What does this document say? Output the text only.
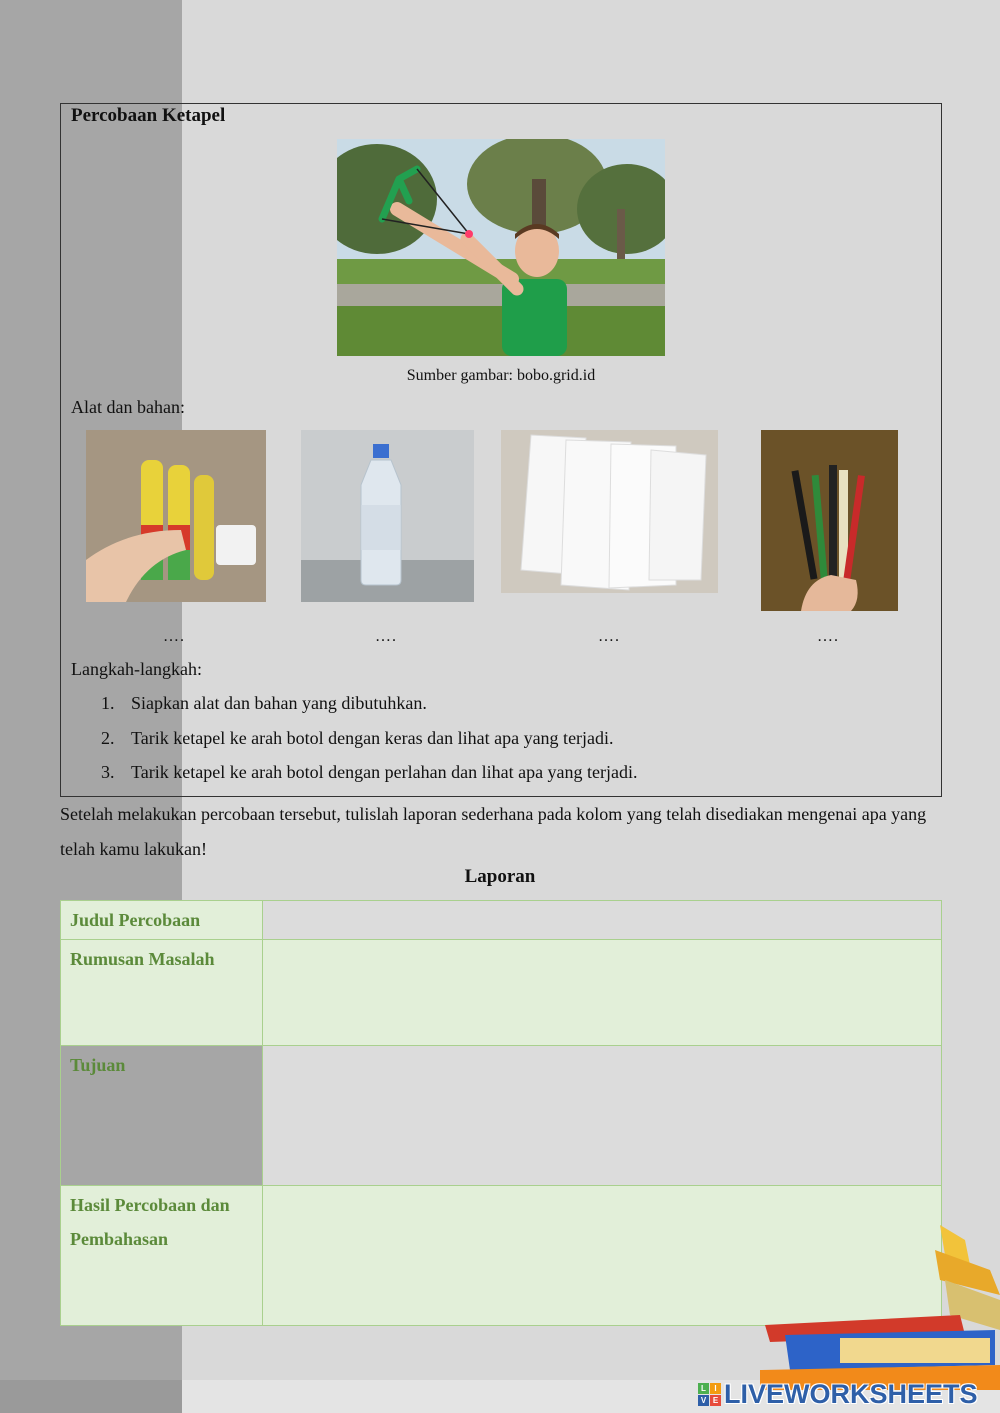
Percobaan Ketapel
Sumber gambar: bobo.grid.id
Alat dan bahan:
….	….	….	….
Langkah-langkah:
1. Siapkan alat dan bahan yang dibutuhkan.
2. Tarik ketapel ke arah botol dengan keras dan lihat apa yang terjadi.
3. Tarik ketapel ke arah botol dengan perlahan dan lihat apa yang terjadi.
Setelah melakukan percobaan tersebut, tulislah laporan sederhana pada kolom yang telah disediakan mengenai apa yang telah kamu lakukan!
Laporan
Judul Percobaan	
Rumusan Masalah	
Tujuan	
Hasil Percobaan dan Pembahasan	
L	I
V E LIVEWORKSHEETS
